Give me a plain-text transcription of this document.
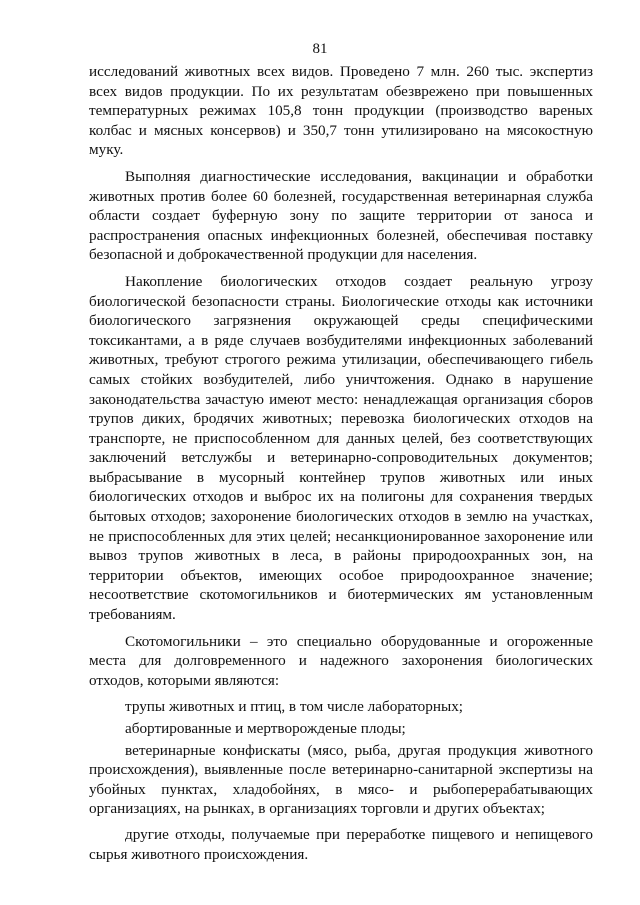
81

исследований животных всех видов. Проведено 7 млн. 260 тыс. экспертиз всех видов продукции. По их результатам обезврежено при повышенных температурных режимах 105,8 тонн продукции (производство вареных колбас и мясных консервов) и 350,7 тонн утилизировано на мясокостную муку.

Выполняя диагностические исследования, вакцинации и обработки животных против более 60 болезней, государственная ветеринарная служба области создает буферную зону по защите территории от заноса и распространения опасных инфекционных болезней, обеспечивая поставку безопасной и доброкачественной продукции для населения.

Накопление биологических отходов создает реальную угрозу биологической безопасности страны. Биологические отходы как источники биологического загрязнения окружающей среды специфическими токсикантами, а в ряде случаев возбудителями инфекционных заболеваний животных, требуют строгого режима утилизации, обеспечивающего гибель самых стойких возбудителей, либо уничтожения. Однако в нарушение законодательства зачастую имеют место: ненадлежащая организация сборов трупов диких, бродячих животных; перевозка биологических отходов на транспорте, не приспособленном для данных целей, без соответствующих заключений ветслужбы и ветеринарно-сопроводительных документов; выбрасывание в мусорный контейнер трупов животных или иных биологических отходов и выброс их на полигоны для сохранения твердых бытовых отходов; захоронение биологических отходов в землю на участках, не приспособленных для этих целей; несанкционированное захоронение или вывоз трупов животных в леса, в районы природоохранных зон, на территории объектов, имеющих особое природоохранное значение; несоответствие скотомогильников и биотермических ям установленным требованиям.

Скотомогильники – это специально оборудованные и огороженные места для долговременного и надежного захоронения биологических отходов, которыми являются:

трупы животных и птиц, в том числе лабораторных;

абортированные и мертворожденые плоды;

ветеринарные конфискаты (мясо, рыба, другая продукция животного происхождения), выявленные после ветеринарно-санитарной экспертизы на убойных пунктах, хладобойнях, в мясо- и рыбоперерабатывающих организациях, на рынках, в организациях торговли и других объектах;

другие отходы, получаемые при переработке пищевого и непищевого сырья животного происхождения.
